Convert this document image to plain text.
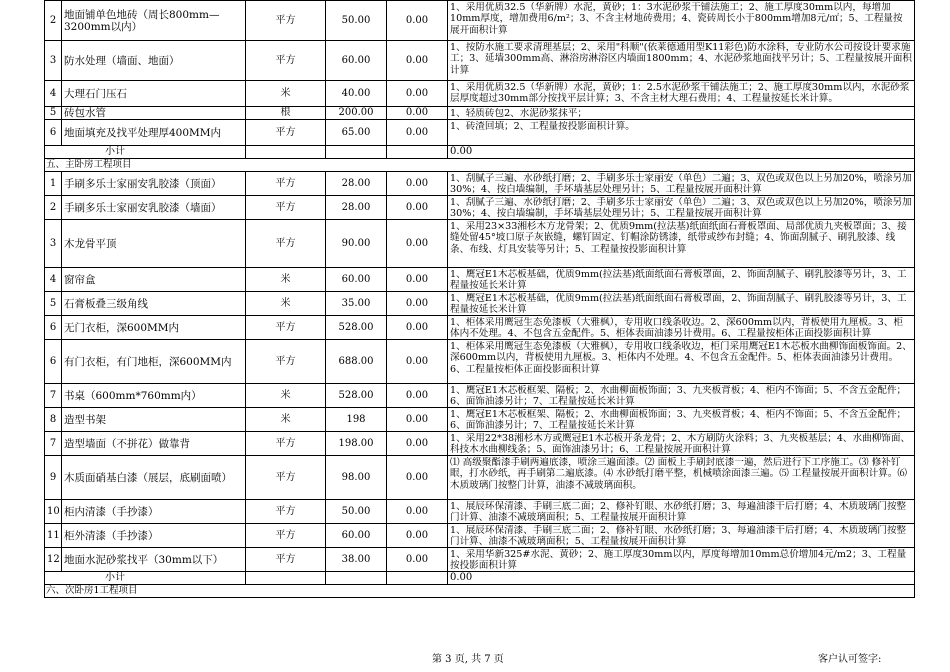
2	地面铺单色地砖（周长800mm—3200mm以内）	平方	50.00	0.00	1、采用优质32.5（华新牌）水泥，黄砂；1：3水泥砂浆干铺法施工；2、施工厚度30mm以内，每增加10mm厚度，增加费用6/m²；3、不含主材地砖费用；4、瓷砖周长小于800mm增加8元/㎡；5、工程量按展开面积计算

3	防水处理（墙面、地面）	平方	60.00	0.00	1、按防水施工要求清理基层；2、采用"科顺"(依莱德通用型K11彩色)防水涂料，专业防水公司按设计要求施工；3、延墙300mm高、淋浴房淋浴区内墙面1800mm；4、水泥砂浆地面找平另计；5、工程量按展开面积计算

4	大理石门压石	米	40.00	0.00	1、采用优质32.5（华新牌）水泥，黄砂；1：2.5水泥砂浆干铺法施工；2、施工厚度30mm以内，水泥砂浆层厚度超过30mm部分按找平层计算；3、不含主材大理石费用；4、工程量按延长米计算。

5	砖包水管	根	200.00	0.00	1、轻质砖包2、水泥砂浆抹平；

6	地面填充及找平处理厚400MM内	平方	65.00	0.00	1、砖渣回填；2、工程量按投影面积计算。

小计					0.00
五、主卧房工程项目					
1	手刷多乐士家丽安乳胶漆（顶面）	平方	28.00	0.00	1、刮腻子三遍、水砂纸打磨；2、手刷多乐士家丽安（单色）二遍；3、双色或双色以上另加20%，喷涂另加30%；4、按白墙编制，手坏墙基层处理另计；5、工程量按展开面积计算

2	手刷多乐士家丽安乳胶漆（墙面）	平方	28.00	0.00	1、刮腻子三遍、水砂纸打磨；2、手刷多乐士家丽安（单色）二遍；3、双色或双色以上另加20%，喷涂另加30%；4、按白墙编制，手坏墙基层处理另计；5、工程量按展开面积计算

3	木龙骨平顶	平方	90.00	0.00	1、采用23×33湘杉木方龙骨架；2、优质9mm(拉法基)纸面纸面石膏板罩面、局部优质九夹板罩面；3、接缝处留45°坡口原子灰嵌缝，螺钉固定、钉帽涂防锈漆，纸带或纱布封缝；4、饰面刮腻子、刷乳胶漆、线条、布线、灯具安装等另计；5、工程量按投影面积计算

4	窗帘盒	米	60.00	0.00	1、鹰冠E1木芯板基础，优质9mm(拉法基)纸面纸面石膏板罩面，2、饰面刮腻子、刷乳胶漆等另计，3、工程量按延长米计算

5	石膏板叠三级角线	米	35.00	0.00	1、鹰冠E1木芯板基础，优质9mm(拉法基)纸面纸面石膏板罩面，2、饰面刮腻子、刷乳胶漆等另计，3、工程量按延长米计算

6	无门衣柜，深600MM内	平方	528.00	0.00	1、柜体采用鹰冠生态免漆板（大雅枫），专用收口线条收边。2、深600mm以内，背板使用九厘板。3、柜体内不处理。4、不包含五金配件。5、柜体表面油漆另计费用。6、工程量按柜体正面投影面积计算

6	有门衣柜，有门地柜，深600MM内	平方	688.00	0.00	1、柜体采用鹰冠生态免漆板（大雅枫），专用收口线条收边，柜门采用鹰冠E1木芯板水曲柳饰面板饰面。2、深600mm以内，背板使用九厘板。3、柜体内不处理。4、不包含五金配件。5、柜体表面油漆另计费用。6、工程量按柜体正面投影面积计算

7	书桌（600mm*760mm内）	米	528.00	0.00	1、鹰冠E1木芯板框架、隔板；2、水曲柳面板饰面；3、九夹板背板；4、柜内不饰面；5、不含五金配件；6、面饰油漆另计；7、工程量按延长米计算

8	造型书架	米	198	0.00	1、鹰冠E1木芯板框架、隔板；2、水曲柳面板饰面；3、九夹板背板；4、柜内不饰面；5、不含五金配件；6、面饰油漆另计；7、工程量按延长米计算

7	造型墙面（不拼花）做靠背	平方	198.00	0.00	1、采用22*38湘杉木方或鹰冠E1木芯板开条龙骨；2、木方刷防火涂料；3、九夹板基层；4、水曲柳饰面、科技木水曲柳线条；5、面饰油漆另计；6、工程量按展开面积计算

9	木质面硝基白漆（展层，底刷面喷）	平方	98.00	0.00	⑴ 高级聚酯漆手刷两遍底漆，喷涂三遍面漆。⑵ 面板上手刷封底漆一遍，然后进行下工序施工。⑶ 修补钉眼，打水砂纸，再手刷第二遍底漆。⑷ 水砂纸打磨平整，机械喷涂面漆三遍。⑸ 工程量按展开面积计算。⑹ 木质玻璃门按整门计算，油漆不减玻璃面积。

10	柜内清漆（手抄漆）	平方	50.00	0.00	1、展辰环保清漆、手刷三底二面；2、修补钉眼、水砂纸打磨；3、每遍油漆干后打磨；4、木质玻璃门按整门计算、油漆不减玻璃面积；5、工程量按展开面积计算

11	柜外清漆（手抄漆）	平方	60.00	0.00	1、展辰环保清漆、手刷三底二面；2、修补钉眼、水砂纸打磨；3、每遍油漆干后打磨；4、木质玻璃门按整门计算、油漆不减玻璃面积；5、工程量按展开面积计算

12	地面水泥砂浆找平（30mm以下）	平方	38.00	0.00	1、采用华新325#水泥、黄砂；2、施工厚度30mm以内，厚度每增加10mm总价增加4元/m2；3、工程量按投影面积计算

小计					0.00
六、次卧房1工程项目					
第 3 页, 共 7 页	客户认可签字:
